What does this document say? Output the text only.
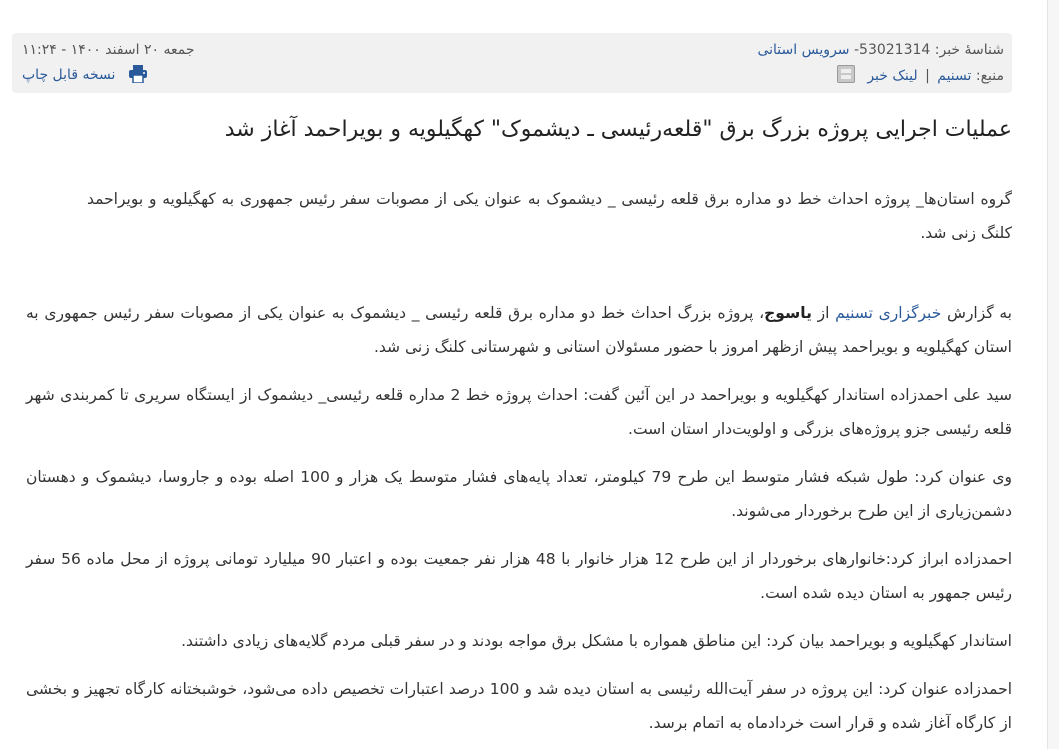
شناسهٔ خبر: 53021314- سرویس استانی
منبع: تسنیم | لینک خبر
جمعه ۲۰ اسفند ۱۴۰۰ - ۱۱:۲۴
نسخه قابل چاپ
عملیات اجرایی پروژه بزرگ برق "قلعه‌رئیسی ـ دیشموک" کهگیلویه و بویراحمد آغاز شد

گروه استان‌ها_ پروژه احداث خط دو مداره برق قلعه رئیسی _ دیشموک به عنوان یکی از مصوبات سفر رئیس جمهوری به کهگیلویه و بویراحمد کلنگ زنی شد.

به گزارش خبرگزاری تسنیم از یاسوج، پروژه بزرگ احداث خط دو مداره برق قلعه رئیسی _ دیشموک به عنوان یکی از مصوبات سفر رئیس جمهوری به استان کهگیلویه و بویراحمد پیش ازظهر امروز با حضور مسئولان استانی و شهرستانی کلنگ زنی شد.

سید علی احمدزاده استاندار کهگیلویه و بویراحمد در این آئین گفت: احداث پروژه خط 2 مداره قلعه رئیسی_ دیشموک از ایستگاه سریری تا کمربندی شهر قلعه رئیسی جزو پروژه‌های بزرگی و اولویت‌دار استان است.

وی عنوان کرد: طول شبکه فشار متوسط این طرح 79 کیلومتر، تعداد پایه‌های فشار متوسط یک هزار و 100 اصله بوده و جاروسا، دیشموک و دهستان دشمن‌زیاری از این طرح برخوردار می‌شوند.

احمدزاده ابراز کرد:خانوارهای برخوردار از این طرح 12 هزار خانوار با 48 هزار نفر جمعیت بوده و اعتبار 90 میلیارد تومانی پروژه از محل ماده 56 سفر رئیس جمهور به استان دیده شده است.

استاندار کهگیلویه و بویراحمد بیان کرد: این مناطق همواره با مشکل برق مواجه بودند و در سفر قبلی مردم گلایه‌های زیادی داشتند.

احمدزاده عنوان کرد: این پروژه در سفر آیت‌الله رئیسی به استان دیده شد و 100 درصد اعتبارات تخصیص داده می‌شود، خوشبختانه کارگاه تجهیز و بخشی از کارگاه آغاز شده و قرار است خردادماه به اتمام برسد.
